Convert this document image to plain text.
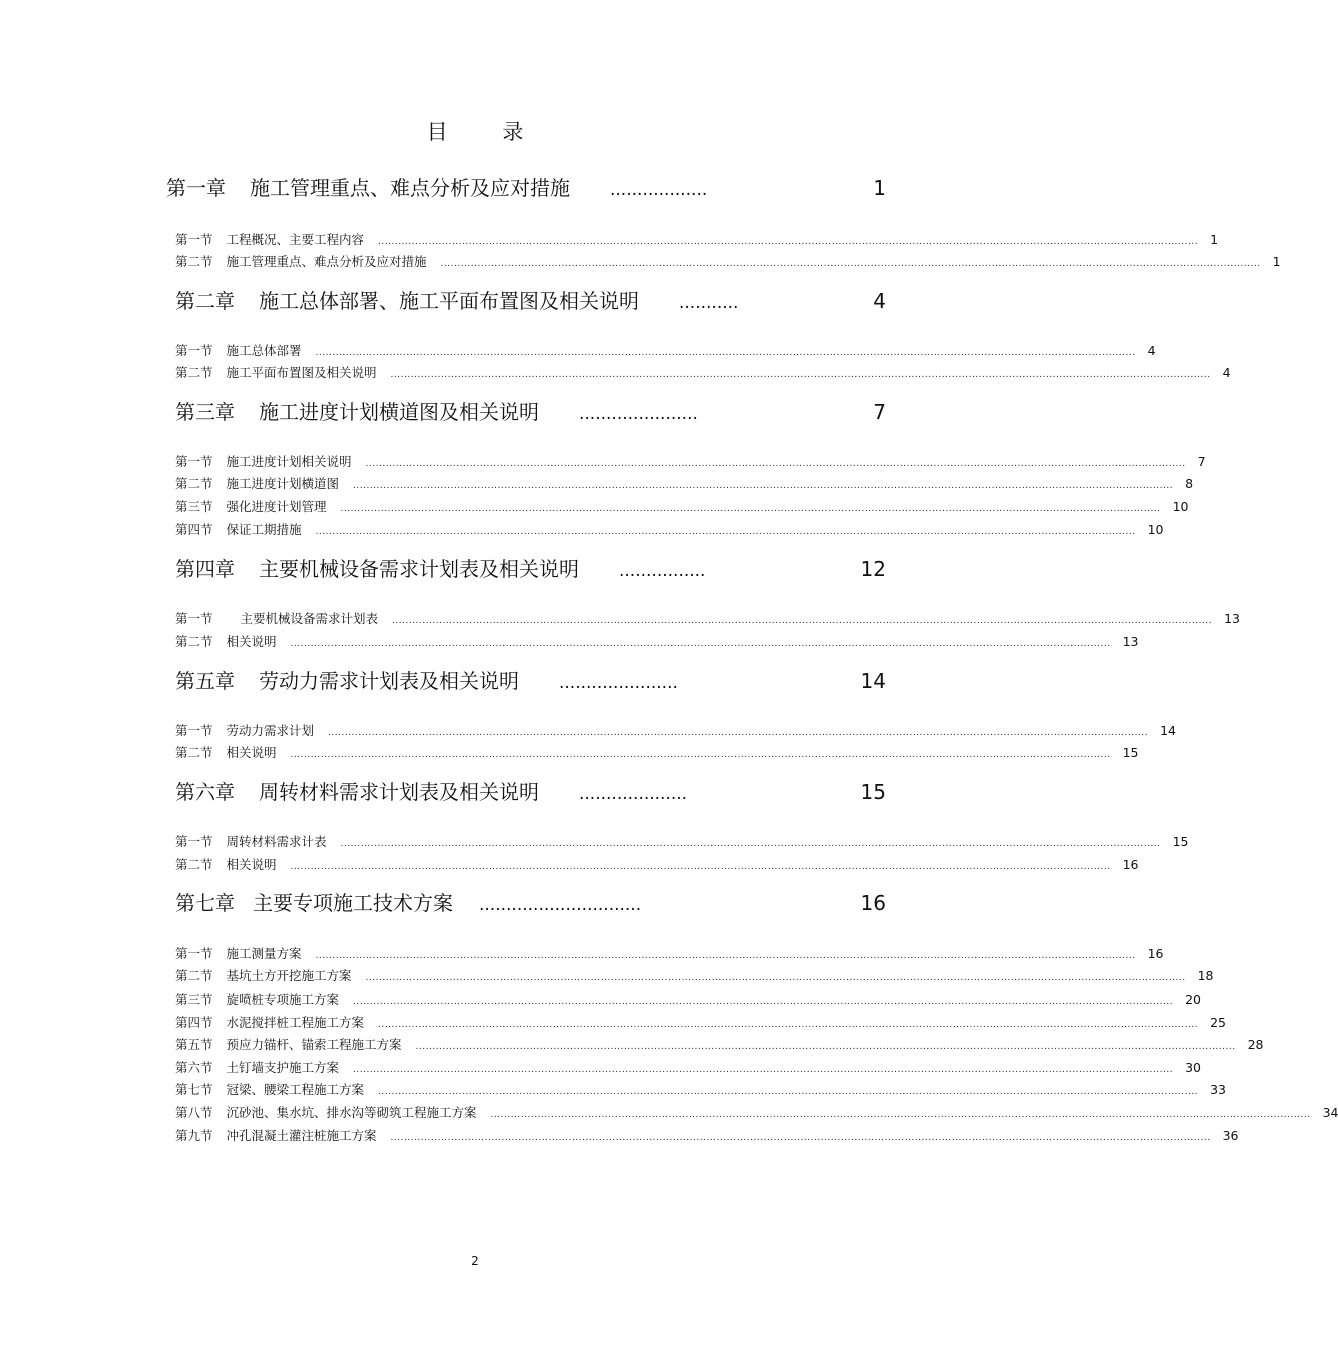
目 录
第一章 施工管理重点、难点分析及应对措施 ..................	1
第一节 工程概况、主要工程内容 .................................................................................................................................................................................................................................................... 1
第二节 施工管理重点、难点分析及应对措施 .................................................................................................................................................................................................................................................... 1
第二章 施工总体部署、施工平面布置图及相关说明 ...........	4
第一节 施工总体部署 .................................................................................................................................................................................................................................................... 4
第二节 施工平面布置图及相关说明 .................................................................................................................................................................................................................................................... 4
第三章 施工进度计划横道图及相关说明 ......................	7
第一节 施工进度计划相关说明 .................................................................................................................................................................................................................................................... 7
第二节 施工进度计划横道图 .................................................................................................................................................................................................................................................... 8
第三节 强化进度计划管理 .................................................................................................................................................................................................................................................... 10
第四节 保证工期措施 .................................................................................................................................................................................................................................................... 10
第四章 主要机械设备需求计划表及相关说明 ................	12
第一节 主要机械设备需求计划表 .................................................................................................................................................................................................................................................... 13
第二节 相关说明 .................................................................................................................................................................................................................................................... 13
第五章 劳动力需求计划表及相关说明 ......................	14
第一节 劳动力需求计划 .................................................................................................................................................................................................................................................... 14
第二节 相关说明 .................................................................................................................................................................................................................................................... 15
第六章 周转材料需求计划表及相关说明 ....................	15
第一节 周转材料需求计表 .................................................................................................................................................................................................................................................... 15
第二节 相关说明 .................................................................................................................................................................................................................................................... 16
第七章 主要专项施工技术方案 ..............................	16
第一节 施工测量方案 .................................................................................................................................................................................................................................................... 16
第二节 基坑土方开挖施工方案 .................................................................................................................................................................................................................................................... 18
第三节 旋喷桩专项施工方案 .................................................................................................................................................................................................................................................... 20
第四节 水泥搅拌桩工程施工方案 .................................................................................................................................................................................................................................................... 25
第五节 预应力锚杆、锚索工程施工方案 .................................................................................................................................................................................................................................................... 28
第六节 土钉墙支护施工方案 .................................................................................................................................................................................................................................................... 30
第七节 冠梁、腰梁工程施工方案 .................................................................................................................................................................................................................................................... 33
第八节 沉砂池、集水坑、排水沟等砌筑工程施工方案 .................................................................................................................................................................................................................................................... 34
第九节 冲孔混凝土灌注桩施工方案 .................................................................................................................................................................................................................................................... 36
2
